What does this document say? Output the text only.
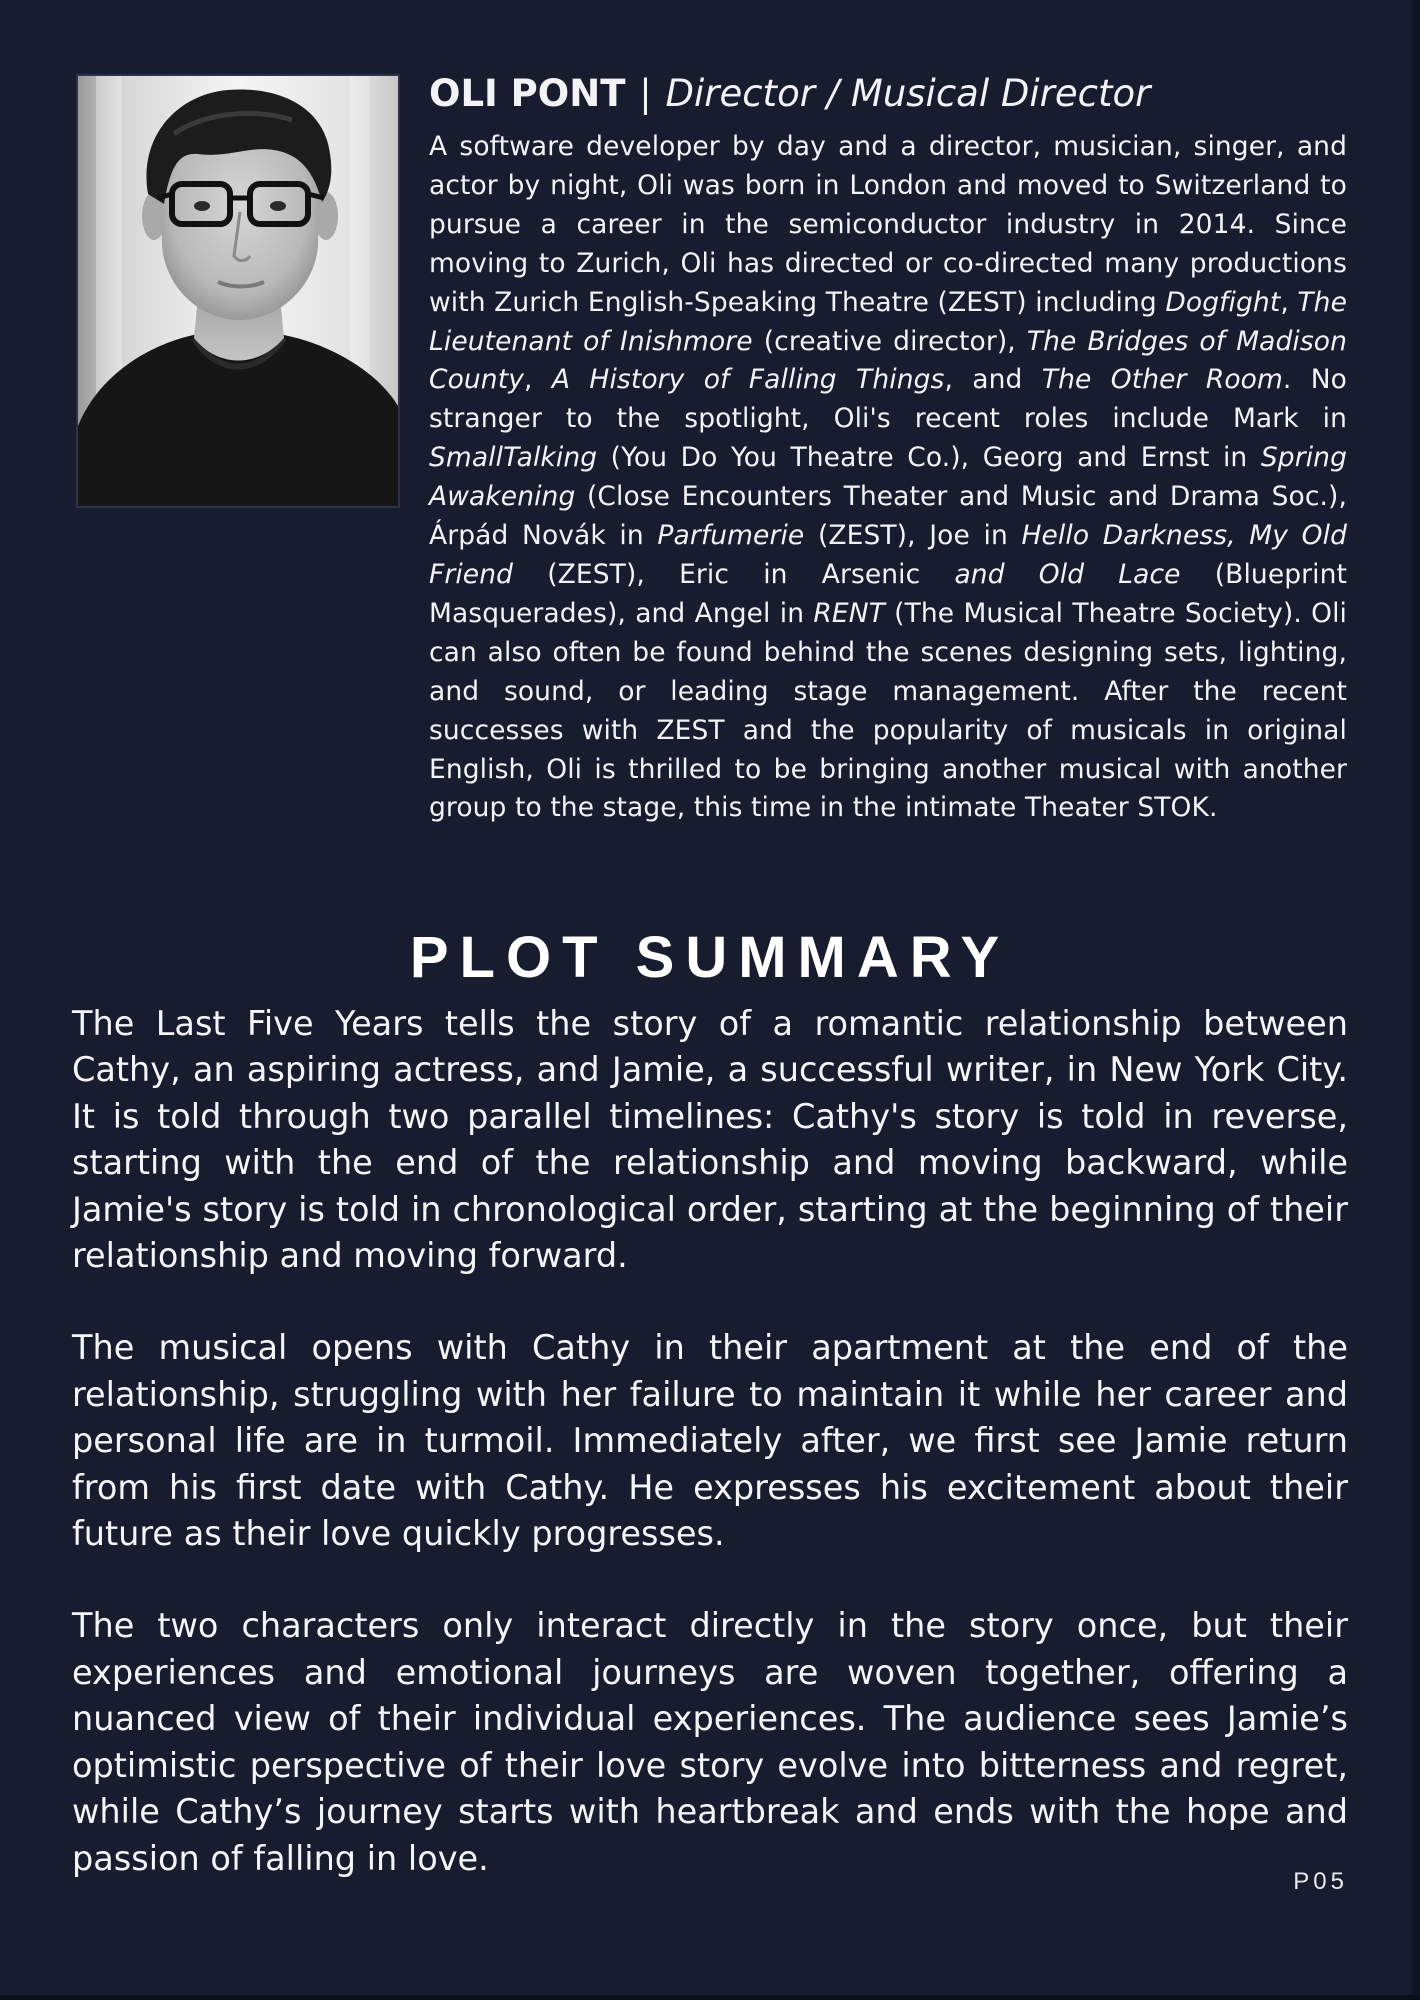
OLI PONT | Director / Musical Director

A software developer by day and a director, musician, singer, and actor by night, Oli was born in London and moved to Switzerland to pursue a career in the semiconductor industry in 2014. Since moving to Zurich, Oli has directed or co-directed many productions with Zurich English-Speaking Theatre (ZEST) including Dogfight, The Lieutenant of Inishmore (creative director), The Bridges of Madison County, A History of Falling Things, and The Other Room. No stranger to the spotlight, Oli's recent roles include Mark in SmallTalking (You Do You Theatre Co.), Georg and Ernst in Spring Awakening (Close Encounters Theater and Music and Drama Soc.), Árpád Novák in Parfumerie (ZEST), Joe in Hello Darkness, My Old Friend (ZEST), Eric in Arsenic and Old Lace (Blueprint Masquerades), and Angel in RENT (The Musical Theatre Society). Oli can also often be found behind the scenes designing sets, lighting, and sound, or leading stage management. After the recent successes with ZEST and the popularity of musicals in original English, Oli is thrilled to be bringing another musical with another group to the stage, this time in the intimate Theater STOK.

PLOT SUMMARY

The Last Five Years tells the story of a romantic relationship between Cathy, an aspiring actress, and Jamie, a successful writer, in New York City. It is told through two parallel timelines: Cathy's story is told in reverse, starting with the end of the relationship and moving backward, while Jamie's story is told in chronological order, starting at the beginning of their relationship and moving forward.

The musical opens with Cathy in their apartment at the end of the relationship, struggling with her failure to maintain it while her career and personal life are in turmoil. Immediately after, we first see Jamie return from his first date with Cathy. He expresses his excitement about their future as their love quickly progresses.

The two characters only interact directly in the story once, but their experiences and emotional journeys are woven together, offering a nuanced view of their individual experiences. The audience sees Jamie’s optimistic perspective of their love story evolve into bitterness and regret, while Cathy’s journey starts with heartbreak and ends with the hope and passion of falling in love.

P05
